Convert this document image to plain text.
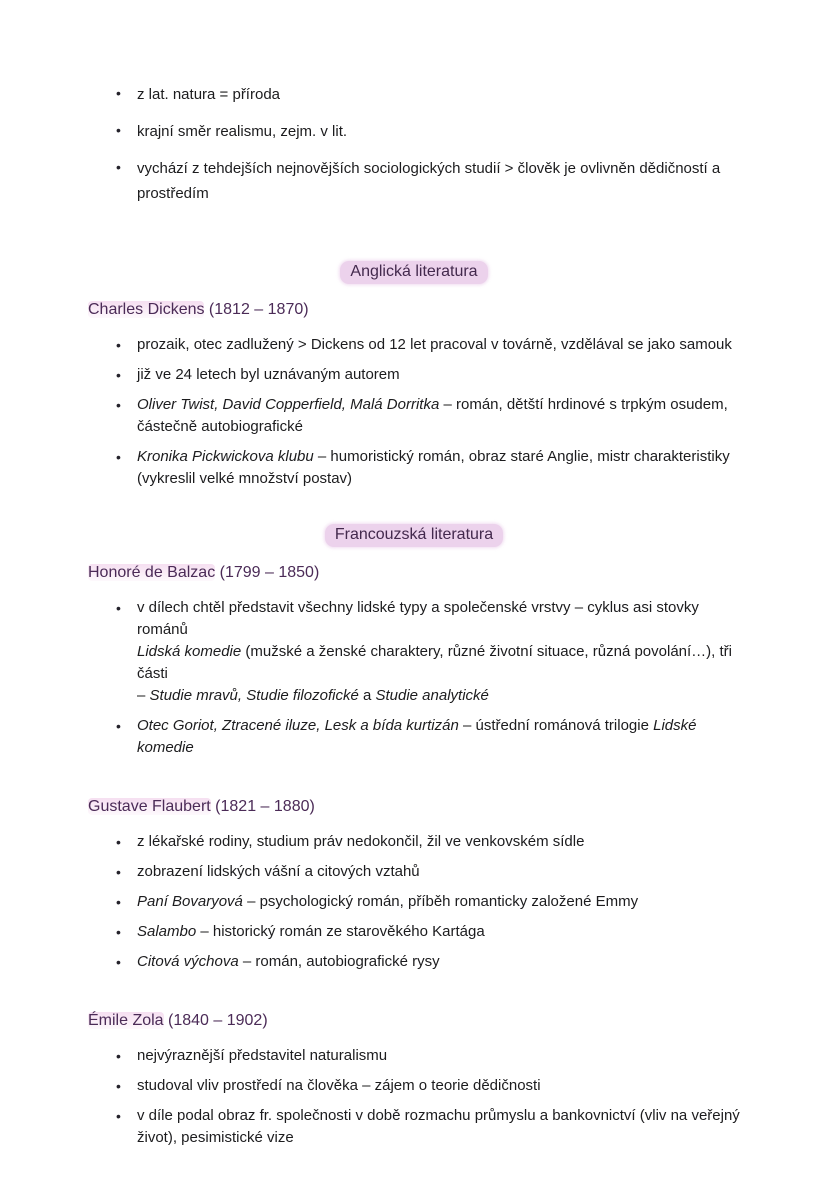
• z lat. natura = příroda
• krajní směr realismu, zejm. v lit.
• vychází z tehdejších nejnovějších sociologických studií > člověk je ovlivněn dědičností a
prostředím
Anglická literatura
Charles Dickens (1812 – 1870)
• prozaik, otec zadlužený > Dickens od 12 let pracoval v továrně, vzdělával se jako samouk
• již ve 24 letech byl uznávaným autorem
• Oliver Twist, David Copperfield, Malá Dorritka – román, dětští hrdinové s trpkým osudem,
částečně autobiografické
• Kronika Pickwickova klubu – humoristický román, obraz staré Anglie, mistr charakteristiky
(vykreslil velké množství postav)
Francouzská literatura
Honoré de Balzac (1799 – 1850)
• v dílech chtěl představit všechny lidské typy a společenské vrstvy – cyklus asi stovky románů
Lidská komedie (mužské a ženské charaktery, různé životní situace, různá povolání…), tři části
– Studie mravů, Studie filozofické a Studie analytické
• Otec Goriot, Ztracené iluze, Lesk a bída kurtizán – ústřední románová trilogie Lidské komedie
Gustave Flaubert (1821 – 1880)
• z lékařské rodiny, studium práv nedokončil, žil ve venkovském sídle
• zobrazení lidských vášní a citových vztahů
• Paní Bovaryová – psychologický román, příběh romanticky založené Emmy
• Salambo – historický román ze starověkého Kartága
• Citová výchova – román, autobiografické rysy
Émile Zola (1840 – 1902)
• nejvýraznější představitel naturalismu
• studoval vliv prostředí na člověka – zájem o teorie dědičnosti
• v díle podal obraz fr. společnosti v době rozmachu průmyslu a bankovnictví (vliv na veřejný
život), pesimistické vize
